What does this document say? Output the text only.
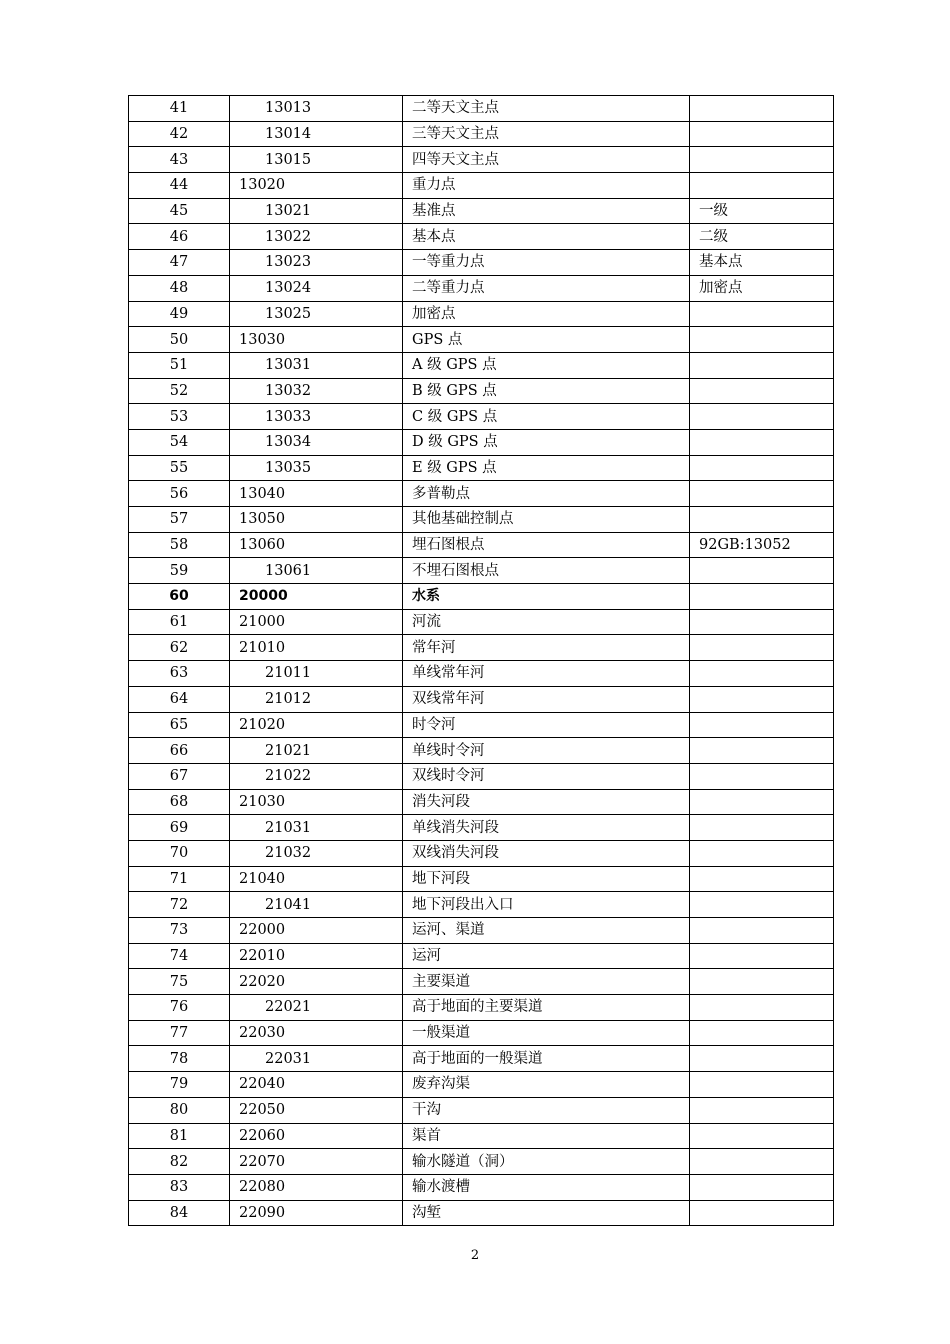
41	13013	二等天文主点	
42	13014	三等天文主点	
43	13015	四等天文主点	
44	13020	重力点	
45	13021	基准点	一级
46	13022	基本点	二级
47	13023	一等重力点	基本点
48	13024	二等重力点	加密点
49	13025	加密点	
50	13030	GPS 点	
51	13031	A 级 GPS 点	
52	13032	B 级 GPS 点	
53	13033	C 级 GPS 点	
54	13034	D 级 GPS 点	
55	13035	E 级 GPS 点	
56	13040	多普勒点	
57	13050	其他基础控制点	
58	13060	埋石图根点	92GB:13052
59	13061	不埋石图根点	
60	20000	水系	
61	21000	河流	
62	21010	常年河	
63	21011	单线常年河	
64	21012	双线常年河	
65	21020	时令河	
66	21021	单线时令河	
67	21022	双线时令河	
68	21030	消失河段	
69	21031	单线消失河段	
70	21032	双线消失河段	
71	21040	地下河段	
72	21041	地下河段出入口	
73	22000	运河、渠道	
74	22010	运河	
75	22020	主要渠道	
76	22021	高于地面的主要渠道	
77	22030	一般渠道	
78	22031	高于地面的一般渠道	
79	22040	废弃沟渠	
80	22050	干沟	
81	22060	渠首	
82	22070	输水隧道（洞）	
83	22080	输水渡槽	
84	22090	沟堑	
2
